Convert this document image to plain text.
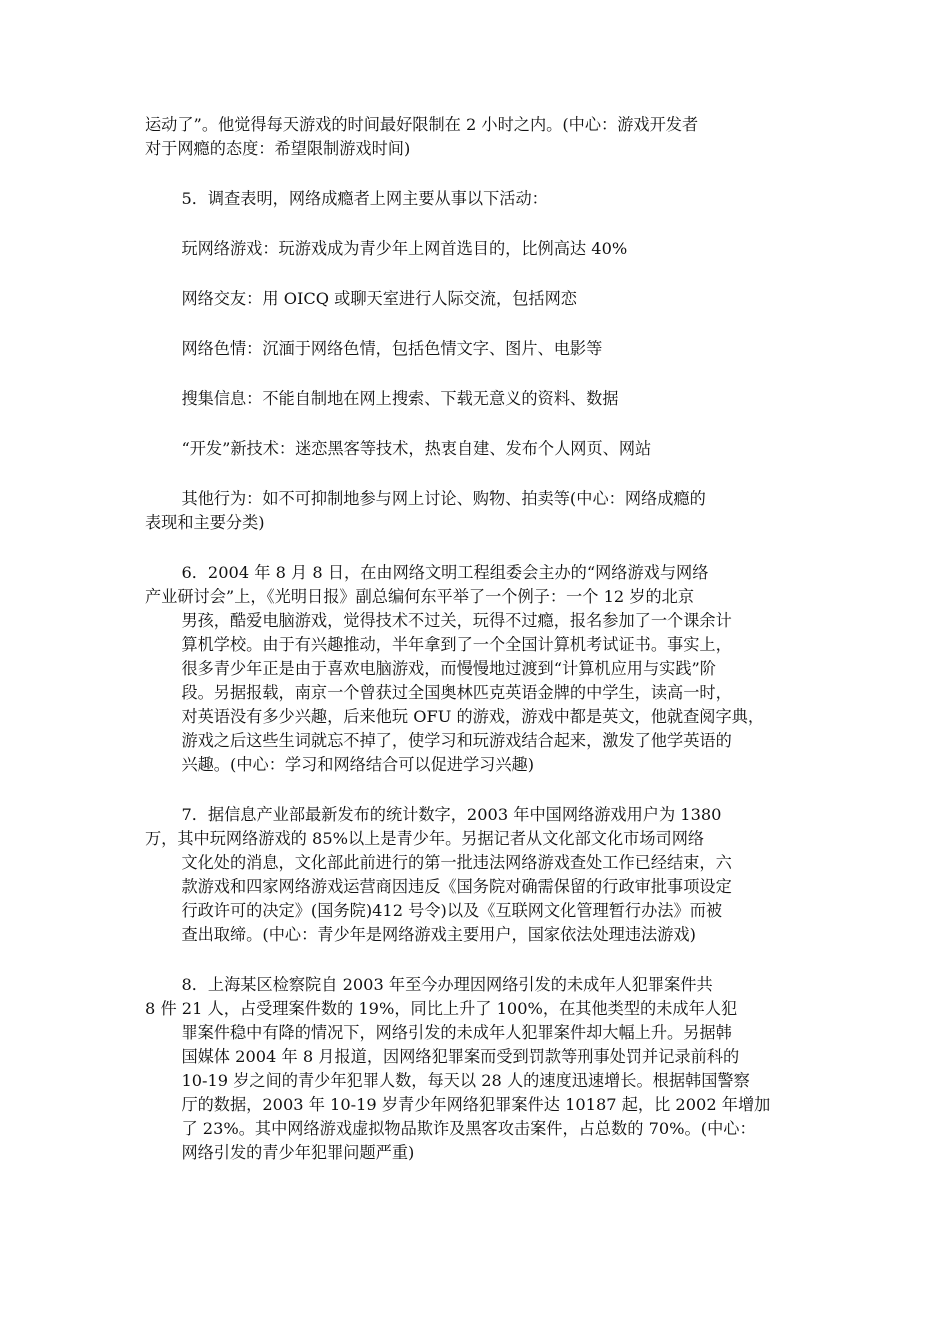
运动了”。他觉得每天游戏的时间最好限制在 2 小时之内。(中心：游戏开发者
对于网瘾的态度：希望限制游戏时间)
5．调查表明，网络成瘾者上网主要从事以下活动：
玩网络游戏：玩游戏成为青少年上网首选目的，比例高达 40%
网络交友：用 OICQ 或聊天室进行人际交流，包括网恋
网络色情：沉湎于网络色情，包括色情文字、图片、电影等
搜集信息：不能自制地在网上搜索、下载无意义的资料、数据
“开发”新技术：迷恋黑客等技术，热衷自建、发布个人网页、网站
其他行为：如不可抑制地参与网上讨论、购物、拍卖等(中心：网络成瘾的

表现和主要分类)
6．2004 年 8 月 8 日，在由网络文明工程组委会主办的“网络游戏与网络

产业研讨会”上，《光明日报》副总编何东平举了一个例子：一个 12 岁的北京
男孩，酷爱电脑游戏，觉得技术不过关，玩得不过瘾，报名参加了一个课余计
算机学校。由于有兴趣推动，半年拿到了一个全国计算机考试证书。事实上，
很多青少年正是由于喜欢电脑游戏，而慢慢地过渡到“计算机应用与实践”阶
段。另据报载，南京一个曾获过全国奥林匹克英语金牌的中学生，读高一时，
对英语没有多少兴趣，后来他玩 OFU 的游戏，游戏中都是英文，他就查阅字典，
游戏之后这些生词就忘不掉了，使学习和玩游戏结合起来，激发了他学英语的
兴趣。(中心：学习和网络结合可以促进学习兴趣)
7．据信息产业部最新发布的统计数字，2003 年中国网络游戏用户为 1380

万，其中玩网络游戏的 85%以上是青少年。另据记者从文化部文化市场司网络
文化处的消息，文化部此前进行的第一批违法网络游戏查处工作已经结束，六
款游戏和四家网络游戏运营商因违反《国务院对确需保留的行政审批事项设定
行政许可的决定》(国务院)412 号令)以及《互联网文化管理暂行办法》而被
查出取缔。(中心：青少年是网络游戏主要用户，国家依法处理违法游戏)
8．上海某区检察院自 2003 年至今办理因网络引发的未成年人犯罪案件共

8 件 21 人，占受理案件数的 19%，同比上升了 100%，在其他类型的未成年人犯
罪案件稳中有降的情况下，网络引发的未成年人犯罪案件却大幅上升。另据韩
国媒体 2004 年 8 月报道，因网络犯罪案而受到罚款等刑事处罚并记录前科的
10-19 岁之间的青少年犯罪人数，每天以 28 人的速度迅速增长。根据韩国警察
厅的数据，2003 年 10-19 岁青少年网络犯罪案件达 10187 起，比 2002 年增加
了 23%。其中网络游戏虚拟物品欺诈及黑客攻击案件，占总数的 70%。(中心：
网络引发的青少年犯罪问题严重)
